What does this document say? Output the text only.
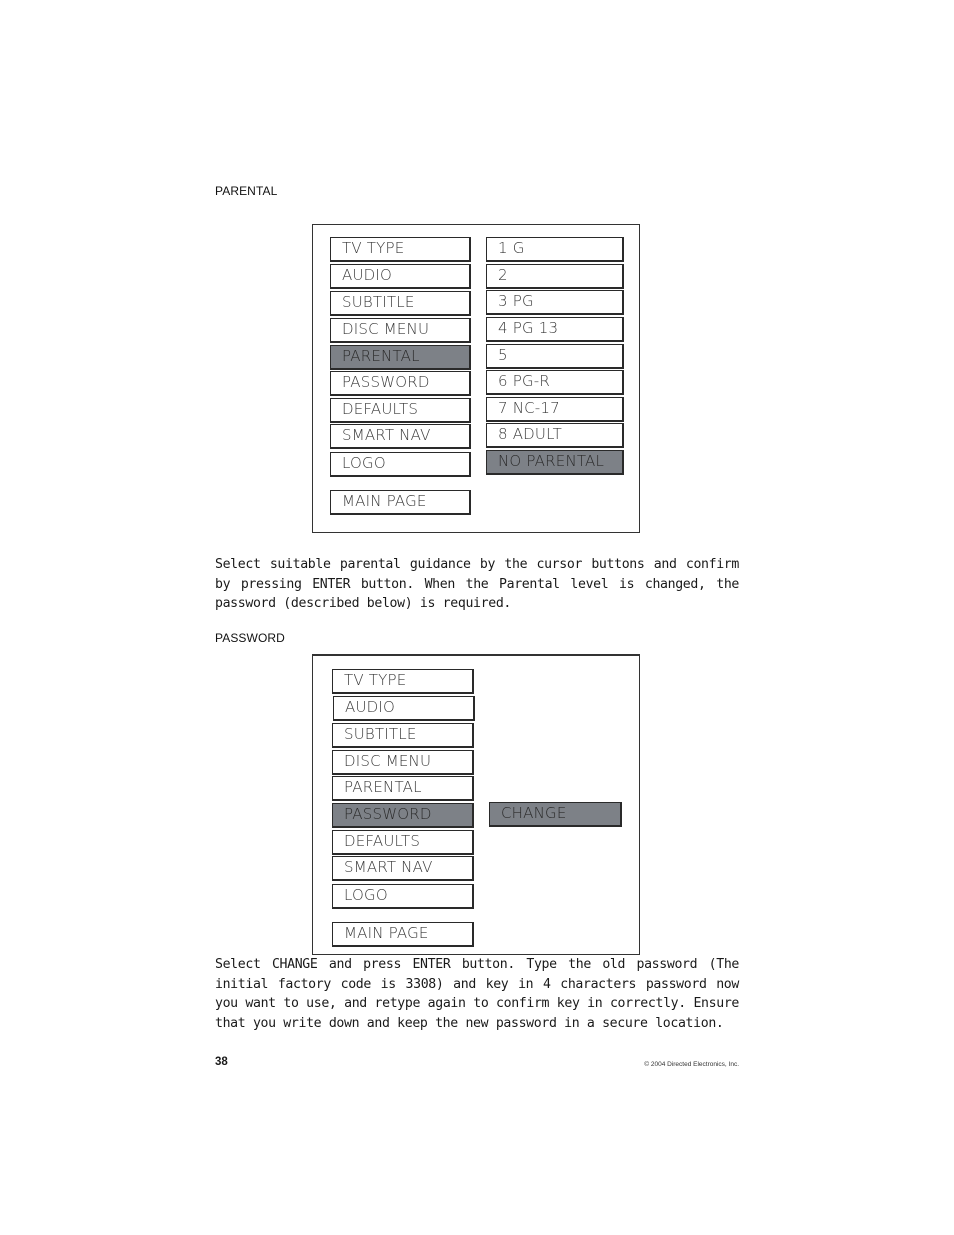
PARENTAL
TV TYPE
AUDIO
SUBTITLE
DISC MENU
PARENTAL
PASSWORD
DEFAULTS
SMART NAV
LOGO
MAIN PAGE
1 G
2
3 PG
4 PG 13
5
6 PG-R
7 NC-17
8 ADULT
NO PARENTAL

Select suitable parental guidance by the cursor buttons and confirm by pressing ENTER button. When the Parental level is changed, the password (described below) is required.

PASSWORD
TV TYPE
AUDIO
SUBTITLE
DISC MENU
PARENTAL
PASSWORD
DEFAULTS
SMART NAV
LOGO
MAIN PAGE
CHANGE

Select CHANGE and press ENTER button. Type the old password (The initial factory code is 3308) and key in 4 characters password now you want to use, and retype again to confirm key in correctly. Ensure that you write down and keep the new password in a secure location.

38	© 2004 Directed Electronics, Inc.
